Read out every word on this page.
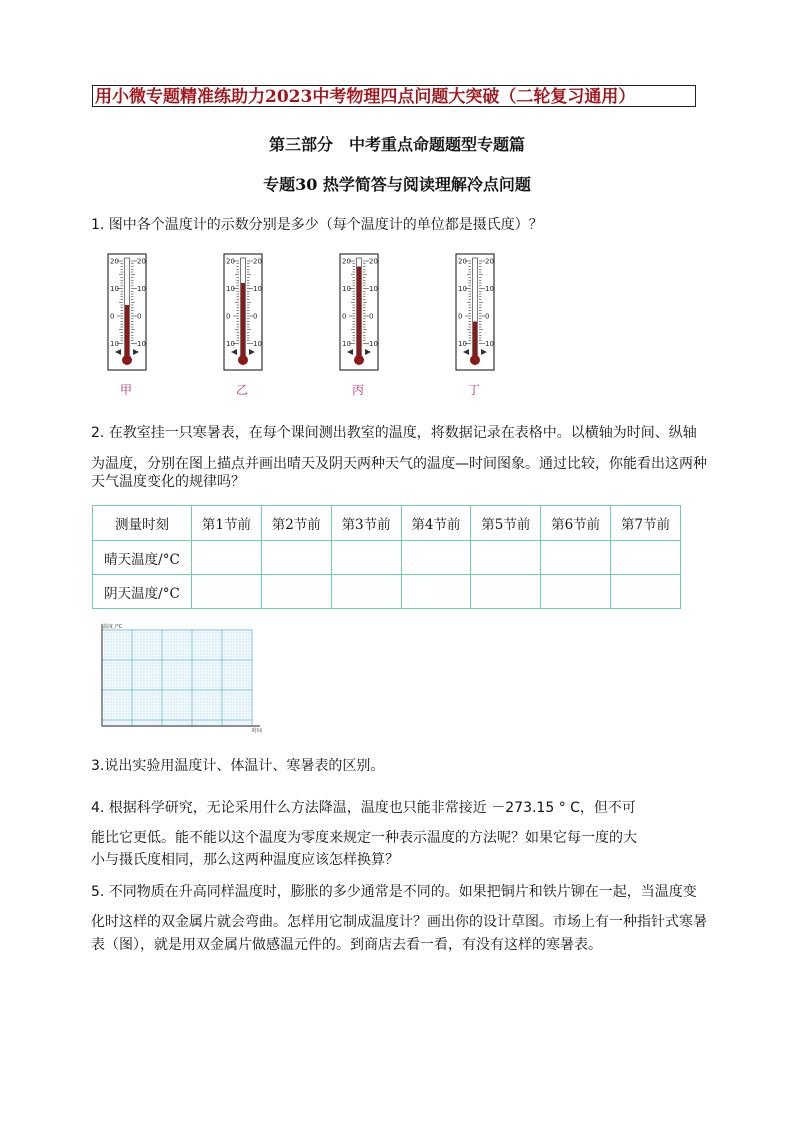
用小微专题精准练助力2023中考物理四点问题大突破（二轮复习通用）
第三部分　中考重点命题题型专题篇
专题30 热学简答与阅读理解冷点问题
1. 图中各个温度计的示数分别是多少（每个温度计的单位都是摄氏度）？
20	20
10	10
0	0
10	10
20	20
10	10
0	0
10	10
20	20
10	10
0	0
10	10
20	20
10	10
0	0
10	10
甲	乙	丙	丁
2. 在教室挂一只寒暑表，在每个课间测出教室的温度，将数据记录在表格中。以横轴为时间、纵轴
为温度，分别在图上描点并画出晴天及阴天两种天气的温度—时间图象。通过比较，你能看出这两种
天气温度变化的规律吗？
测量时刻	第1节前	第2节前	第3节前	第4节前	第5节前	第6节前	第7节前
晴天温度/°C							
阴天温度/°C							
温度 /°C
时间
3.说出实验用温度计、体温计、寒暑表的区别。
4. 根据科学研究，无论采用什么方法降温，温度也只能非常接近 －273.15 ° C，但不可
能比它更低。能不能以这个温度为零度来规定一种表示温度的方法呢？如果它每一度的大
小与摄氏度相同，那么这两种温度应该怎样换算？
5. 不同物质在升高同样温度时，膨胀的多少通常是不同的。如果把铜片和铁片铆在一起，当温度变
化时这样的双金属片就会弯曲。怎样用它制成温度计？画出你的设计草图。市场上有一种指针式寒暑
表（图），就是用双金属片做感温元件的。到商店去看一看，有没有这样的寒暑表。
